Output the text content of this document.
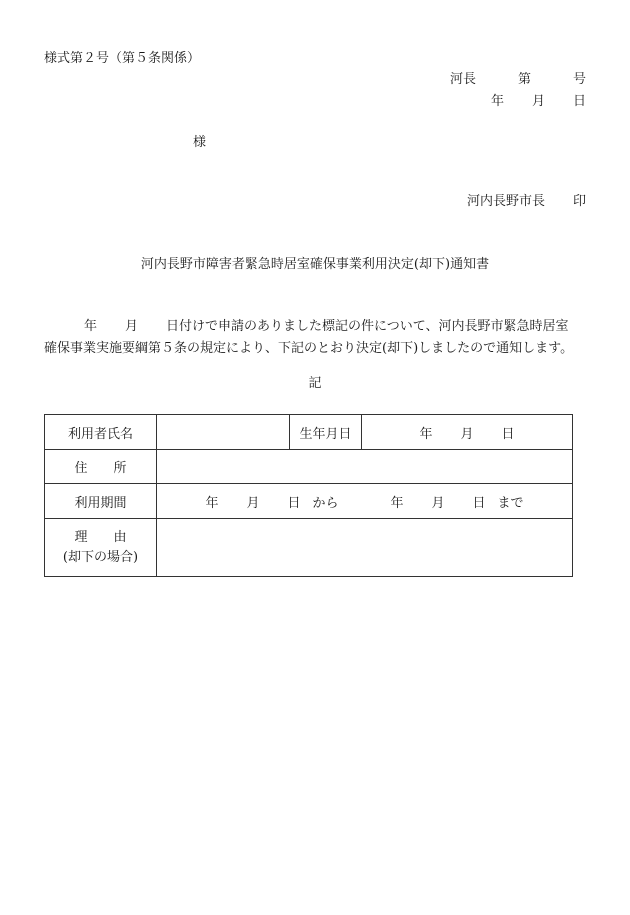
様式第２号（第５条関係）
河長	第	号
年 月 日
様
河内長野市長 印
河内長野市障害者緊急時居室確保事業利用決定(却下)通知書
年 月 日付けで申請のありました標記の件について、河内長野市緊急時居室
確保事業実施要綱第５条の規定により、下記のとおり決定(却下)しましたので通知します。
記
利用者氏名		生年月日	年 月 日
住 所			
利用期間	年 月 日 から 年 月 日 まで		

理 由
(却下の場合)			
